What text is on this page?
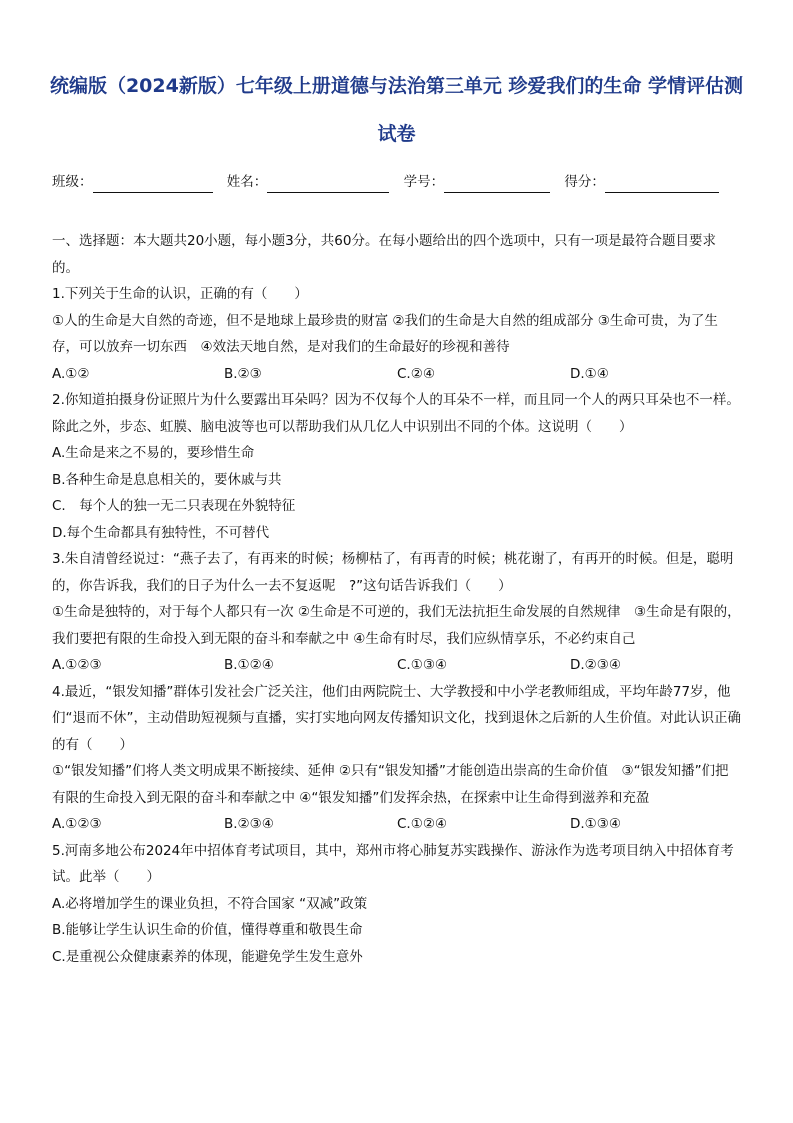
统编版（2024新版）七年级上册道德与法治第三单元 珍爱我们的生命 学情评估测
试卷
班级：	姓名：	学号：	得分：

一、选择题：本大题共20小题，每小题3分，共60分。在每小题给出的四个选项中，只有一项是最符合题目要求的。

1.下列关于生命的认识，正确的有（　　）

①人的生命是大自然的奇迹，但不是地球上最珍贵的财富 ②我们的生命是大自然的组成部分 ③生命可贵，为了生存，可以放弃一切东西　④效法天地自然，是对我们的生命最好的珍视和善待

A.①②	B.②③	C.②④	D.①④

2.你知道拍摄身份证照片为什么要露出耳朵吗？因为不仅每个人的耳朵不一样，而且同一个人的两只耳朵也不一样。除此之外，步态、虹膜、脑电波等也可以帮助我们从几亿人中识别出不同的个体。这说明（　　）

A.生命是来之不易的，要珍惜生命

B.各种生命是息息相关的，要休戚与共

C.　每个人的独一无二只表现在外貌特征

D.每个生命都具有独特性，不可替代

3.朱自清曾经说过：“燕子去了，有再来的时候；杨柳枯了，有再青的时候；桃花谢了，有再开的时候。但是，聪明的，你告诉我，我们的日子为什么一去不复返呢　?”这句话告诉我们（　　）

①生命是独特的，对于每个人都只有一次 ②生命是不可逆的，我们无法抗拒生命发展的自然规律　③生命是有限的，我们要把有限的生命投入到无限的奋斗和奉献之中 ④生命有时尽，我们应纵情享乐，不必约束自己

A.①②③	B.①②④	C.①③④	D.②③④

4.最近，“银发知播”群体引发社会广泛关注，他们由两院院士、大学教授和中小学老教师组成，平均年龄77岁，他们“退而不休”，主动借助短视频与直播，实打实地向网友传播知识文化，找到退休之后新的人生价值。对此认识正确的有（　　）

①“银发知播”们将人类文明成果不断接续、延伸 ②只有“银发知播”才能创造出崇高的生命价值　③“银发知播”们把有限的生命投入到无限的奋斗和奉献之中 ④“银发知播”们发挥余热，在探索中让生命得到滋养和充盈

A.①②③	B.②③④	C.①②④	D.①③④

5.河南多地公布2024年中招体育考试项目，其中，郑州市将心肺复苏实践操作、游泳作为选考项目纳入中招体育考试。此举（　　）

A.必将增加学生的课业负担，不符合国家 “双减”政策

B.能够让学生认识生命的价值，懂得尊重和敬畏生命

C.是重视公众健康素养的体现，能避免学生发生意外
